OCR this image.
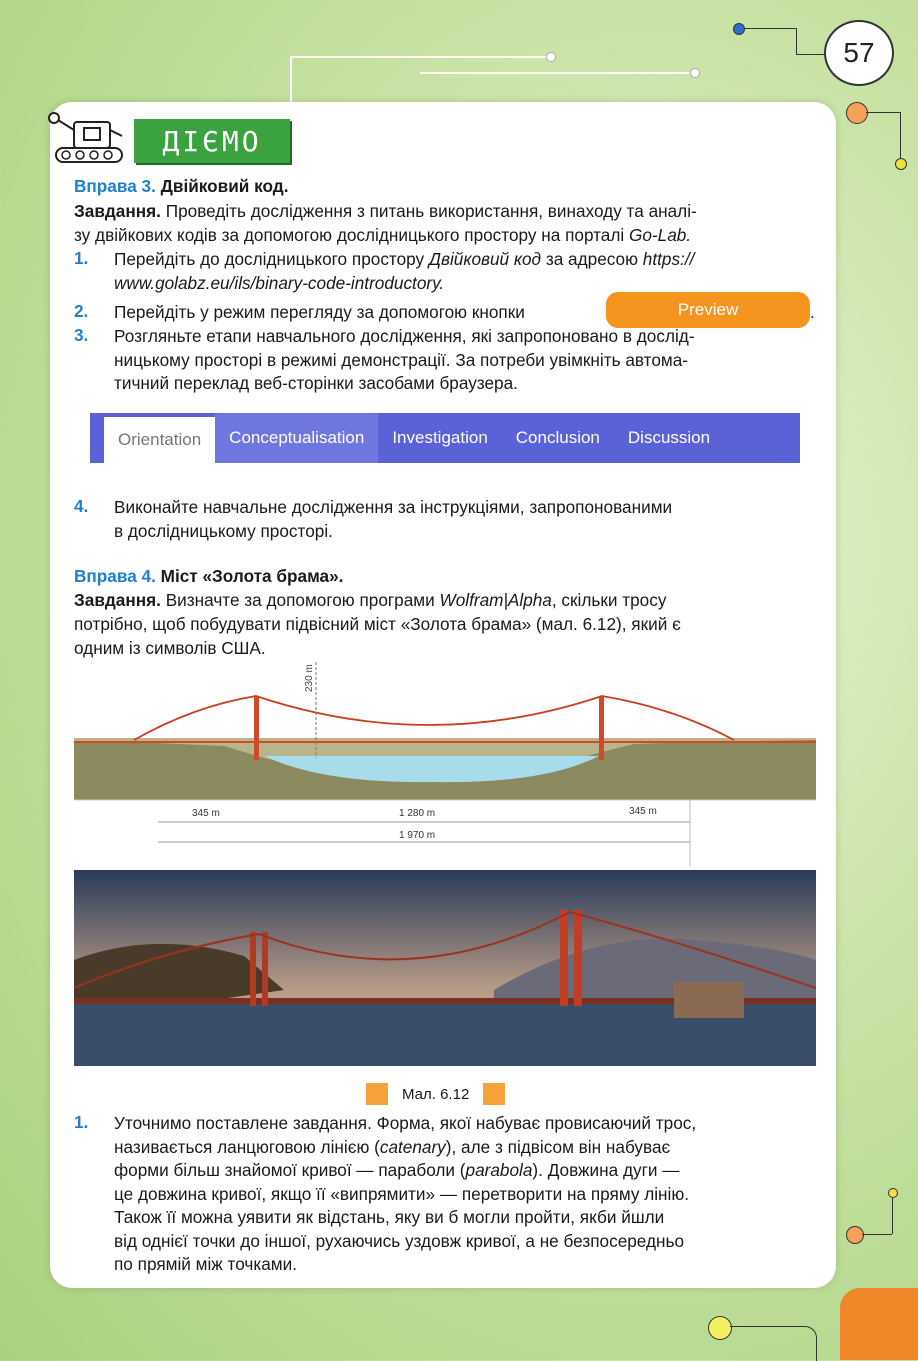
57
ДІЄМО
Вправа 3. Двійковий код.
Завдання. Проведіть дослідження з питань використання, винаходу та аналі-
зу двійкових кодів за допомогою дослідницького простору на порталі Go-Lab.
1. Перейдіть до дослідницького простору Двійковий код за адресою https://
www.golabz.eu/ils/binary-code-introductory.
2. Перейдіть у режим перегляду за допомогою кнопки	Preview	.
3. Розгляньте етапи навчального дослідження, які запропоновано в дослід-
ницькому просторі в режимі демонстрації. За потреби увімкніть автома-
тичний переклад веб-сторінки засобами браузера.
Orientation	Conceptualisation	Investigation	Conclusion	Discussion
4. Виконайте навчальне дослідження за інструкціями, запропонованими
в дослідницькому просторі.
Вправа 4. Міст «Золота брама».
Завдання. Визначте за допомогою програми Wolfram|Alpha, скільки тросу
потрібно, щоб побудувати підвісний міст «Золота брама» (мал. 6.12), який є
одним із символів США.
230 m
345 m	1 280 m	345 m
1 970 m
Мал. 6.12
1. Уточнимо поставлене завдання. Форма, якої набуває провисаючий трос,
називається ланцюговою лінією (catenary), але з підвісом він набуває
форми більш знайомої кривої — параболи (parabola). Довжина дуги —
це довжина кривої, якщо її «випрямити» — перетворити на пряму лінію.
Також її можна уявити як відстань, яку ви б могли пройти, якби йшли
від однієї точки до іншої, рухаючись уздовж кривої, а не безпосередньо
по прямій між точками.
